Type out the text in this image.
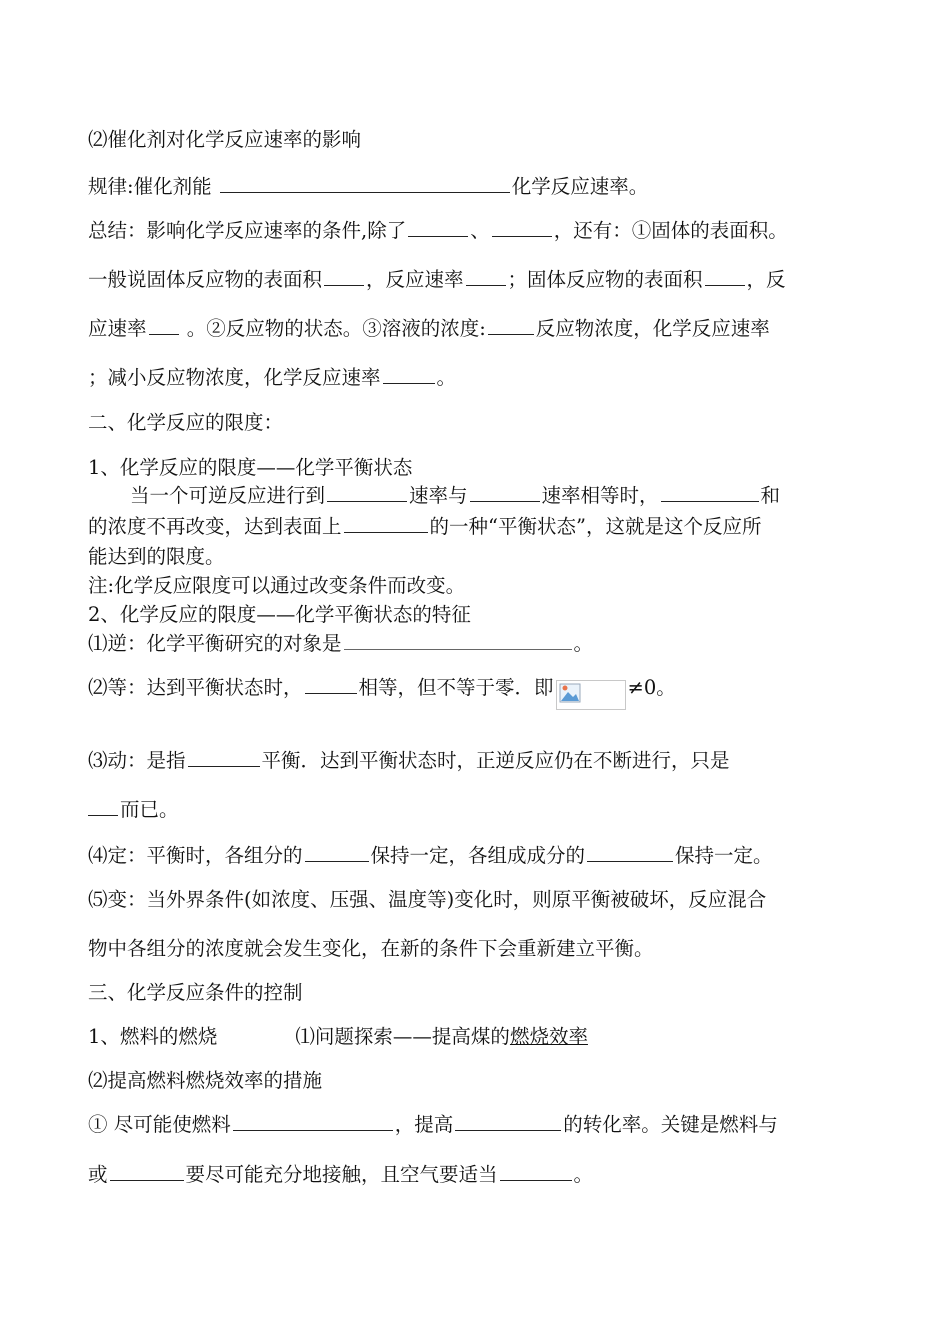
⑵催化剂对化学反应速率的影响
规律:催化剂能	化学反应速率。
总结：影响化学反应速率的条件,除了	、	，还有：①固体的表面积。
一般说固体反应物的表面积 ，反应速率 ；固体反应物的表面积 ，反
应速率 。②反应物的状态。③溶液的浓度:	反应物浓度，化学反应速率
；减小反应物浓度，化学反应速率	。
二、化学反应的限度：
1、化学反应的限度——化学平衡状态
当一个可逆反应进行到	速率与	速率相等时，	和
的浓度不再改变，达到表面上	的一种“平衡状态”，这就是这个反应所
能达到的限度。
注:化学反应限度可以通过改变条件而改变。
2、化学反应的限度——化学平衡状态的特征
⑴逆：化学平衡研究的对象是	。
⑵等：达到平衡状态时，	相等，但不等于零．即	≠0。
⑶动：是指	平衡．达到平衡状态时，正逆反应仍在不断进行，只是
而已。
⑷定：平衡时，各组分的	保持一定，各组成成分的	保持一定。
⑸变：当外界条件(如浓度、压强、温度等)变化时，则原平衡被破坏，反应混合
物中各组分的浓度就会发生变化，在新的条件下会重新建立平衡。
三、化学反应条件的控制
1、燃料的燃烧	⑴问题探索——提高煤的燃烧效率
⑵提高燃料燃烧效率的措施
① 尽可能使燃料	，提高	的转化率。关键是燃料与
或	要尽可能充分地接触，且空气要适当	。
